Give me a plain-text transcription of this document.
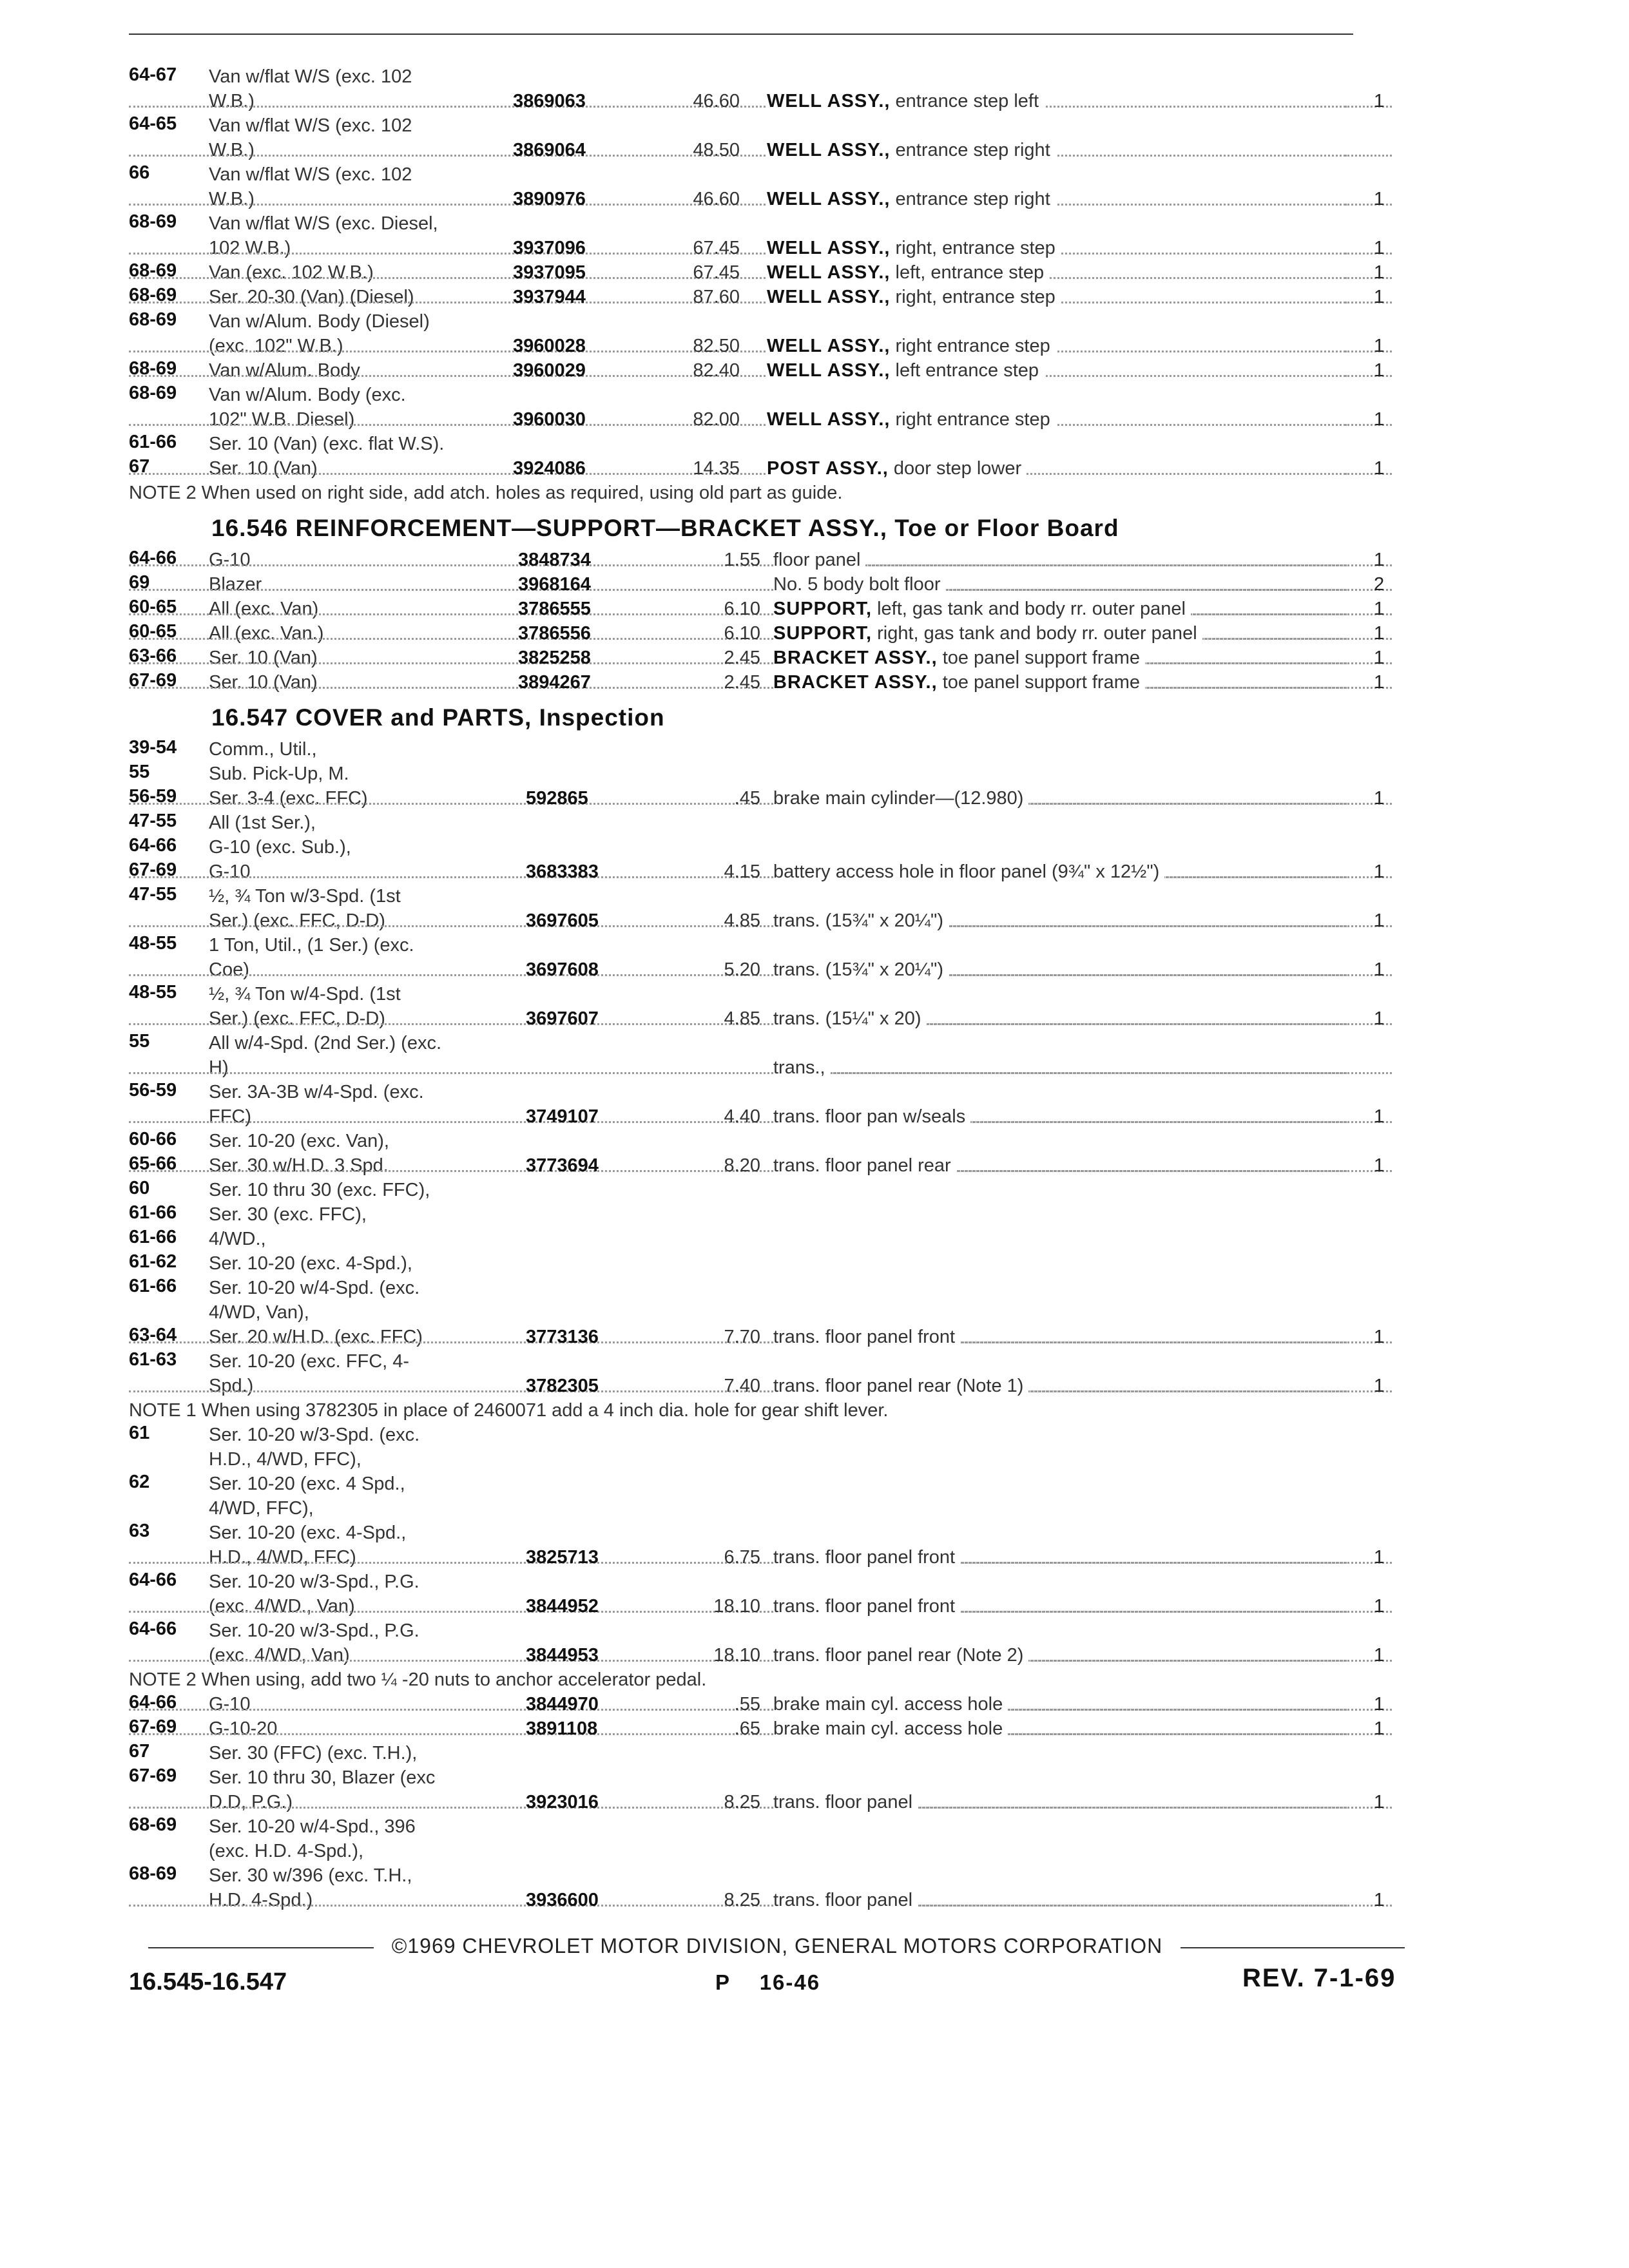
64-67	Van w/flat W/S (exc. 102
W.B.)	3869063	46.60 WELL ASSY., entrance step left	1
64-65	Van w/flat W/S (exc. 102
W.B.)	3869064	48.50 WELL ASSY., entrance step right
66	Van w/flat W/S (exc. 102
W.B.)	3890976	46.60 WELL ASSY., entrance step right	1
68-69	Van w/flat W/S (exc. Diesel,
102 W.B.)	3937096	67.45 WELL ASSY., right, entrance step	1
68-69	Van (exc. 102 W.B.)	3937095	67.45 WELL ASSY., left, entrance step	1
68-69	Ser. 20-30 (Van) (Diesel)	3937944	87.60 WELL ASSY., right, entrance step	1
68-69	Van w/Alum. Body (Diesel)
(exc. 102" W.B.)	3960028	82.50 WELL ASSY., right entrance step	1
68-69	Van w/Alum. Body	3960029	82.40 WELL ASSY., left entrance step	1
68-69	Van w/Alum. Body (exc.
102" W.B. Diesel)	3960030	82.00 WELL ASSY., right entrance step	1
61-66	Ser. 10 (Van) (exc. flat W.S).
67	Ser. 10 (Van)	3924086	14.35 POST ASSY., door step lower	1
NOTE 2 When used on right side, add atch. holes as required, using old part as guide.
16.546 REINFORCEMENT—SUPPORT—BRACKET ASSY., Toe or Floor Board
64-66	G-10	3848734	1.55 floor panel	1
69	Blazer	3968164	No. 5 body bolt floor	2
60-65	All (exc. Van)	3786555	6.10 SUPPORT, left, gas tank and body rr. outer panel	1
60-65	All (exc. Van.)	3786556	6.10 SUPPORT, right, gas tank and body rr. outer panel	1
63-66	Ser. 10 (Van)	3825258	2.45 BRACKET ASSY., toe panel support frame	1
67-69	Ser. 10 (Van)	3894267	2.45 BRACKET ASSY., toe panel support frame	1
16.547 COVER and PARTS, Inspection
39-54	Comm., Util.,
55	Sub. Pick-Up, M.
56-59	Ser. 3-4 (exc. FFC)	592865	.45 brake main cylinder—(12.980)	1
47-55	All (1st Ser.),
64-66	G-10 (exc. Sub.),
67-69	G-10	3683383	4.15 battery access hole in floor panel (9¾" x 12½")	1
47-55	½, ¾ Ton w/3-Spd. (1st
Ser.) (exc. FFC, D-D)	3697605	4.85 trans. (15¾" x 20¼")	1
48-55	1 Ton, Util., (1 Ser.) (exc.
Coe)	3697608	5.20 trans. (15¾" x 20¼")	1
48-55	½, ¾ Ton w/4-Spd. (1st
Ser.) (exc. FFC, D-D)	3697607	4.85 trans. (15¼" x 20)	1
55	All w/4-Spd. (2nd Ser.) (exc.
H)	trans.,
56-59	Ser. 3A-3B w/4-Spd. (exc.
FFC)	3749107	4.40 trans. floor pan w/seals	1
60-66	Ser. 10-20 (exc. Van),
65-66	Ser. 30 w/H.D. 3 Spd.	3773694	8.20 trans. floor panel rear	1
60	Ser. 10 thru 30 (exc. FFC),
61-66	Ser. 30 (exc. FFC),
61-66	4/WD.,
61-62	Ser. 10-20 (exc. 4-Spd.),
61-66	Ser. 10-20 w/4-Spd. (exc.
4/WD, Van),
63-64	Ser. 20 w/H.D. (exc. FFC)	3773136	7.70 trans. floor panel front	1
61-63	Ser. 10-20 (exc. FFC, 4-
Spd.)	3782305	7.40 trans. floor panel rear (Note 1)	1
NOTE 1 When using 3782305 in place of 2460071 add a 4 inch dia. hole for gear shift lever.
61	Ser. 10-20 w/3-Spd. (exc.
H.D., 4/WD, FFC),
62	Ser. 10-20 (exc. 4 Spd.,
4/WD, FFC),
63	Ser. 10-20 (exc. 4-Spd.,
H.D., 4/WD, FFC)	3825713	6.75 trans. floor panel front	1
64-66	Ser. 10-20 w/3-Spd., P.G.
(exc. 4/WD., Van)	3844952	18.10 trans. floor panel front	1
64-66	Ser. 10-20 w/3-Spd., P.G.
(exc. 4/WD, Van)	3844953	18.10 trans. floor panel rear (Note 2)	1
NOTE 2 When using, add two ¼ -20 nuts to anchor accelerator pedal.
64-66	G-10	3844970	.55 brake main cyl. access hole	1
67-69	G-10-20	3891108	.65 brake main cyl. access hole	1
67	Ser. 30 (FFC) (exc. T.H.),
67-69	Ser. 10 thru 30, Blazer (exc
D.D, P.G.)	3923016	8.25 trans. floor panel	1
68-69	Ser. 10-20 w/4-Spd., 396
(exc. H.D. 4-Spd.),
68-69	Ser. 30 w/396 (exc. T.H.,
H.D. 4-Spd.)	3936600	8.25 trans. floor panel	1
©1969 CHEVROLET MOTOR DIVISION, GENERAL MOTORS CORPORATION
16.545-16.547	P 16-46	REV. 7-1-69
